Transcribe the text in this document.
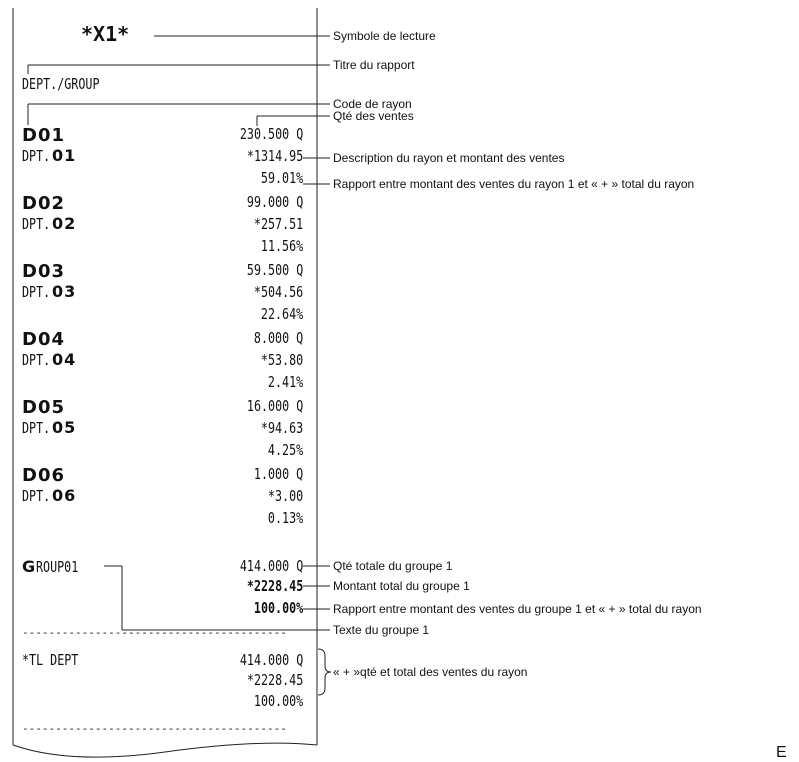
*X1*
DEPT./GROUP
D01
DPT. 01
230.500 Q
*1314.95
59.01%
D02
DPT. 02
99.000 Q
*257.51
11.56%
D03
DPT. 03
59.500 Q
*504.56
22.64%
D04
DPT. 04
8.000 Q
*53.80
2.41%
D05
DPT. 05
16.000 Q
*94.63
4.25%
D06
DPT. 06
1.000 Q
*3.00
0.13%
GROUP01	414.000 Q
*2228.45
100.00%
----------------------------------------
*TL DEPT	414.000 Q
*2228.45
100.00%
----------------------------------------
Symbole de lecture
Titre du rapport
Code de rayon
Qté des ventes
Description du rayon et montant des ventes
Rapport entre montant des ventes du rayon 1 et « + » total du rayon
Qté totale du groupe 1
Montant total du groupe 1
Rapport entre montant des ventes du groupe 1 et « + » total du rayon
Texte du groupe 1
« + »qté et total des ventes du rayon
E
